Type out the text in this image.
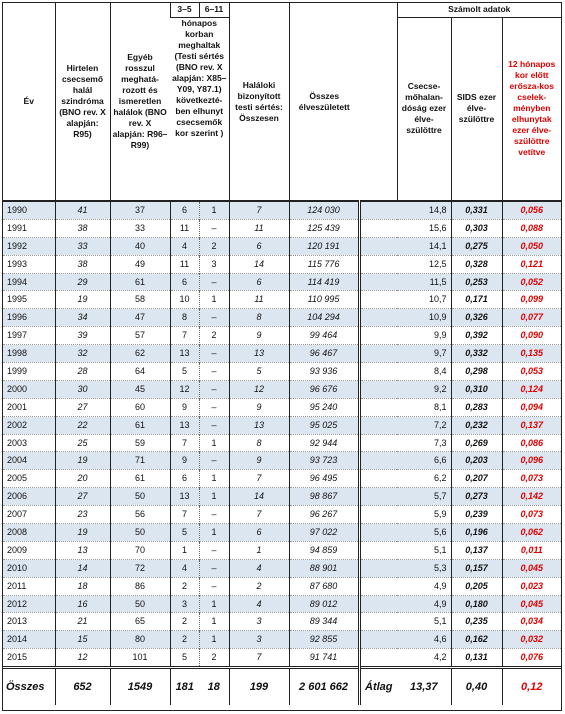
Év	Hirtelen csecsemő halál szindróma (BNO rev. X alapján: R95)	Egyéb rosszul meghatá-rozott és ismeretlen halálok (BNO rev. X alapján: R96–R99)	3–5	6–11	Haláloki bizonyított testi sértés: Összesen	Összes élveszületett		Számolt adatok		
			hónapos korban meghaltak (Testi sértés (BNO rev. X alapján: X85–Y09, Y87.1) következté-ben elhunyt csecsemők kor szerint )					Csecse-mőhalan-dóság ezer élve-szülöttre	SIDS ezer élve-szülöttre	12 hónapos kor előtt erősza-kos cselek-ményben elhunytak ezer élve-szülöttre vetítve

1990	41	37	6	1	7	124 030		14,8	0,331	0,056
1991	38	33	11	–	11	125 439		15,6	0,303	0,088
1992	33	40	4	2	6	120 191		14,1	0,275	0,050
1993	38	49	11	3	14	115 776		12,5	0,328	0,121
1994	29	61	6	–	6	114 419		11,5	0,253	0,052
1995	19	58	10	1	11	110 995		10,7	0,171	0,099
1996	34	47	8	–	8	104 294		10,9	0,326	0,077
1997	39	57	7	2	9	99 464		9,9	0,392	0,090
1998	32	62	13	–	13	96 467		9,7	0,332	0,135
1999	28	64	5	–	5	93 936		8,4	0,298	0,053
2000	30	45	12	–	12	96 676		9,2	0,310	0,124
2001	27	60	9	–	9	95 240		8,1	0,283	0,094
2002	22	61	13	–	13	95 025		7,2	0,232	0,137
2003	25	59	7	1	8	92 944		7,3	0,269	0,086
2004	19	71	9	–	9	93 723		6,6	0,203	0,096
2005	20	61	6	1	7	96 495		6,2	0,207	0,073
2006	27	50	13	1	14	98 867		5,7	0,273	0,142
2007	23	56	7	–	7	96 267		5,9	0,239	0,073
2008	19	50	5	1	6	97 022		5,6	0,196	0,062
2009	13	70	1	–	1	94 859		5,1	0,137	0,011
2010	14	72	4	–	4	88 901		5,3	0,157	0,045
2011	18	86	2	–	2	87 680		4,9	0,205	0,023
2012	16	50	3	1	4	89 012		4,9	0,180	0,045
2013	21	65	2	1	3	89 344		5,1	0,235	0,034
2014	15	80	2	1	3	92 855		4,6	0,162	0,032
2015	12	101	5	2	7	91 741		4,2	0,131	0,076
Összes	652	1549	181	18	199	2 601 662	Átlag	13,37	0,40	0,12
